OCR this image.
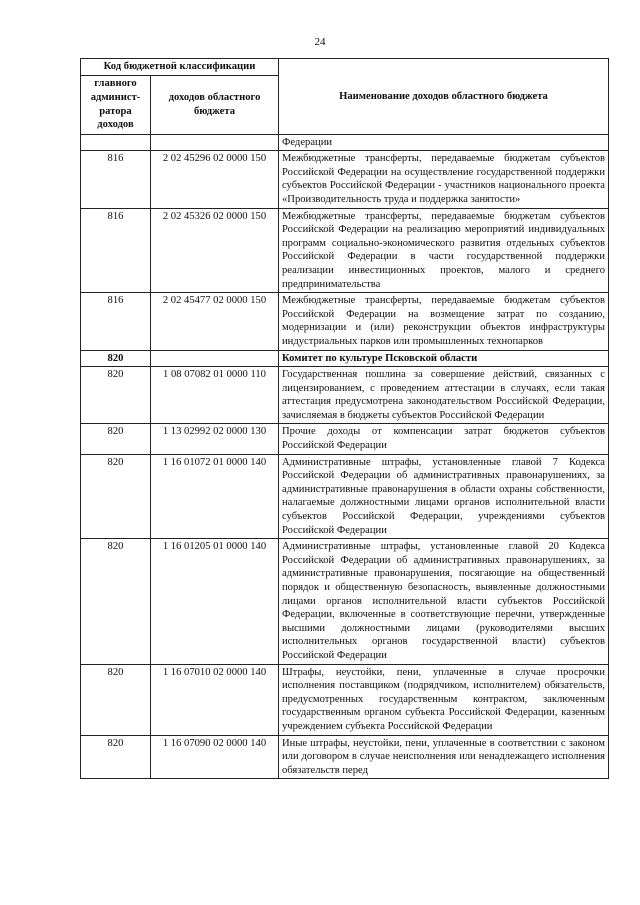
24
Код бюджетной классификации		Наименование доходов областного бюджета
главного админист-ратора доходов	доходов областного бюджета	
		Федерации
816	2 02 45296 02 0000 150	Межбюджетные трансферты, передаваемые бюджетам субъектов Российской Федерации на осуществление государственной поддержки субъектов Российской Федерации - участников национального проекта «Производительность труда и поддержка занятости»
816	2 02 45326 02 0000 150	Межбюджетные трансферты, передаваемые бюджетам субъектов Российской Федерации на реализацию мероприятий индивидуальных программ социально-экономического развития отдельных субъектов Российской Федерации в части государственной поддержки реализации инвестиционных проектов, малого и среднего предпринимательства
816	2 02 45477 02 0000 150	Межбюджетные трансферты, передаваемые бюджетам субъектов Российской Федерации на возмещение затрат по созданию, модернизации и (или) реконструкции объектов инфраструктуры индустриальных парков или промышленных технопарков
820		Комитет по культуре Псковской области
820	1 08 07082 01 0000 110	Государственная пошлина за совершение действий, связанных с лицензированием, с проведением аттестации в случаях, если такая аттестация предусмотрена законодательством Российской Федерации, зачисляемая в бюджеты субъектов Российской Федерации
820	1 13 02992 02 0000 130	Прочие доходы от компенсации затрат бюджетов субъектов Российской Федерации
820	1 16 01072 01 0000 140	Административные штрафы, установленные главой 7 Кодекса Российской Федерации об административных правонарушениях, за административные правонарушения в области охраны собственности, налагаемые должностными лицами органов исполнительной власти субъектов Российской Федерации, учреждениями субъектов Российской Федерации
820	1 16 01205 01 0000 140	Административные штрафы, установленные главой 20 Кодекса Российской Федерации об административных правонарушениях, за административные правонарушения, посягающие на общественный порядок и общественную безопасность, выявленные должностными лицами органов исполнительной власти субъектов Российской Федерации, включенные в соответствующие перечни, утвержденные высшими должностными лицами (руководителями высших исполнительных органов государственной власти) субъектов Российской Федерации
820	1 16 07010 02 0000 140	Штрафы, неустойки, пени, уплаченные в случае просрочки исполнения поставщиком (подрядчиком, исполнителем) обязательств, предусмотренных государственным контрактом, заключенным государственным органом субъекта Российской Федерации, казенным учреждением субъекта Российской Федерации
820	1 16 07090 02 0000 140	Иные штрафы, неустойки, пени, уплаченные в соответствии с законом или договором в случае неисполнения или ненадлежащего исполнения обязательств перед
